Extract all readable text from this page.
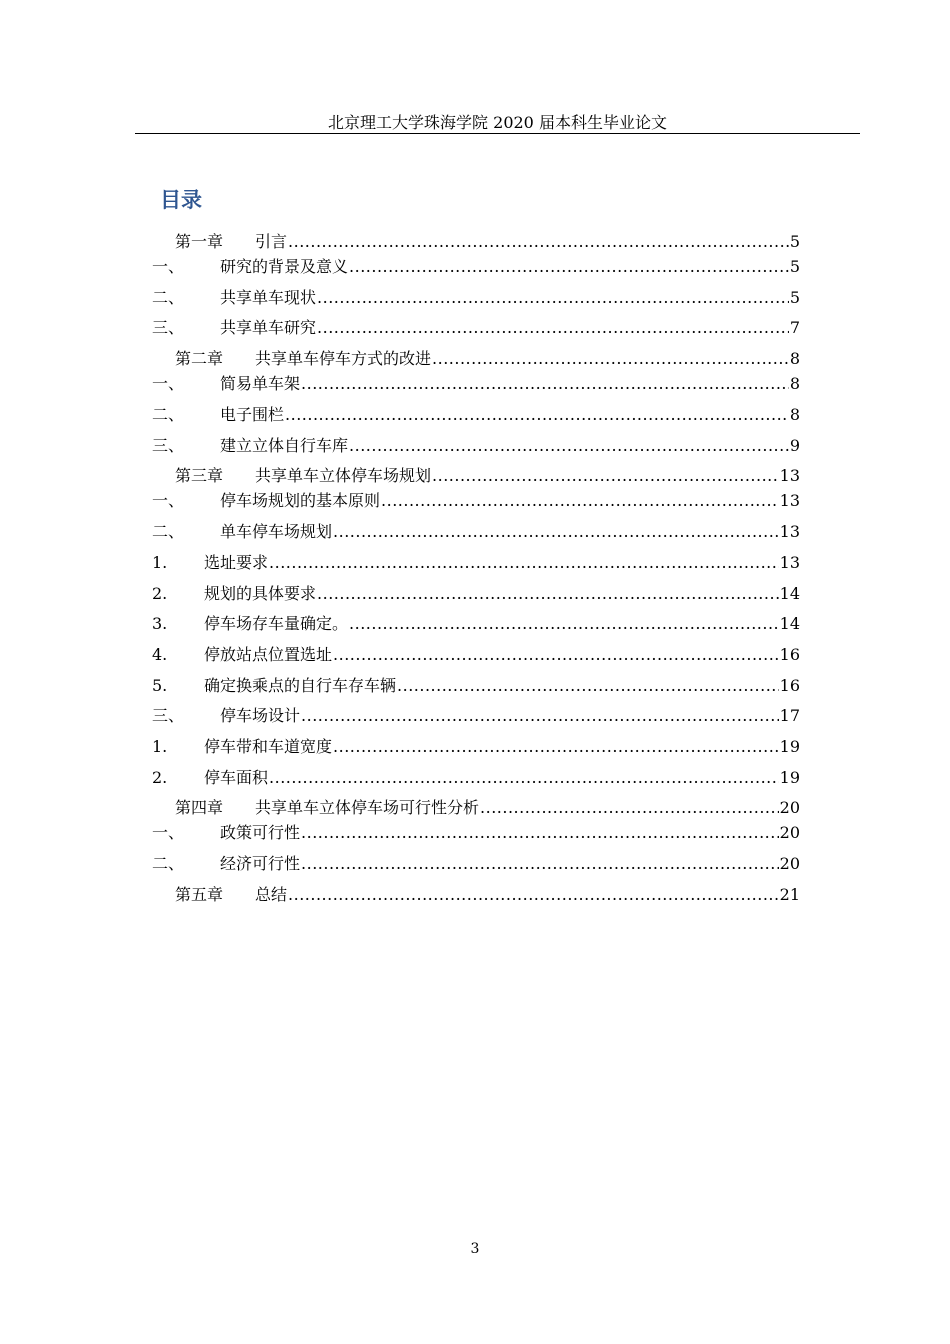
北京理工大学珠海学院 2020 届本科生毕业论文
目录
第一章	引言 .....	5
一、	研究的背景及意义 .....	5
二、	共享单车现状 .....	5
三、	共享单车研究 .....	7
第二章	共享单车停车方式的改进 .....	8
一、	简易单车架 .....	8
二、	电子围栏 .....	8
三、	建立立体自行车库 .....	9
第三章	共享单车立体停车场规划 .....	13
一、	停车场规划的基本原则 .....	13
二、	单车停车场规划 .....	13
1.	选址要求 .....	13
2.	规划的具体要求 .....	14
3.	停车场存车量确定。 .....	14
4.	停放站点位置选址 .....	16
5.	确定换乘点的自行车存车辆 .....	16
三、	停车场设计 .....	17
1.	停车带和车道宽度 .....	19
2.	停车面积 .....	19
第四章	共享单车立体停车场可行性分析 .....	20
一、	政策可行性 .....	20
二、	经济可行性 .....	20
第五章	总结 .....	21
3
